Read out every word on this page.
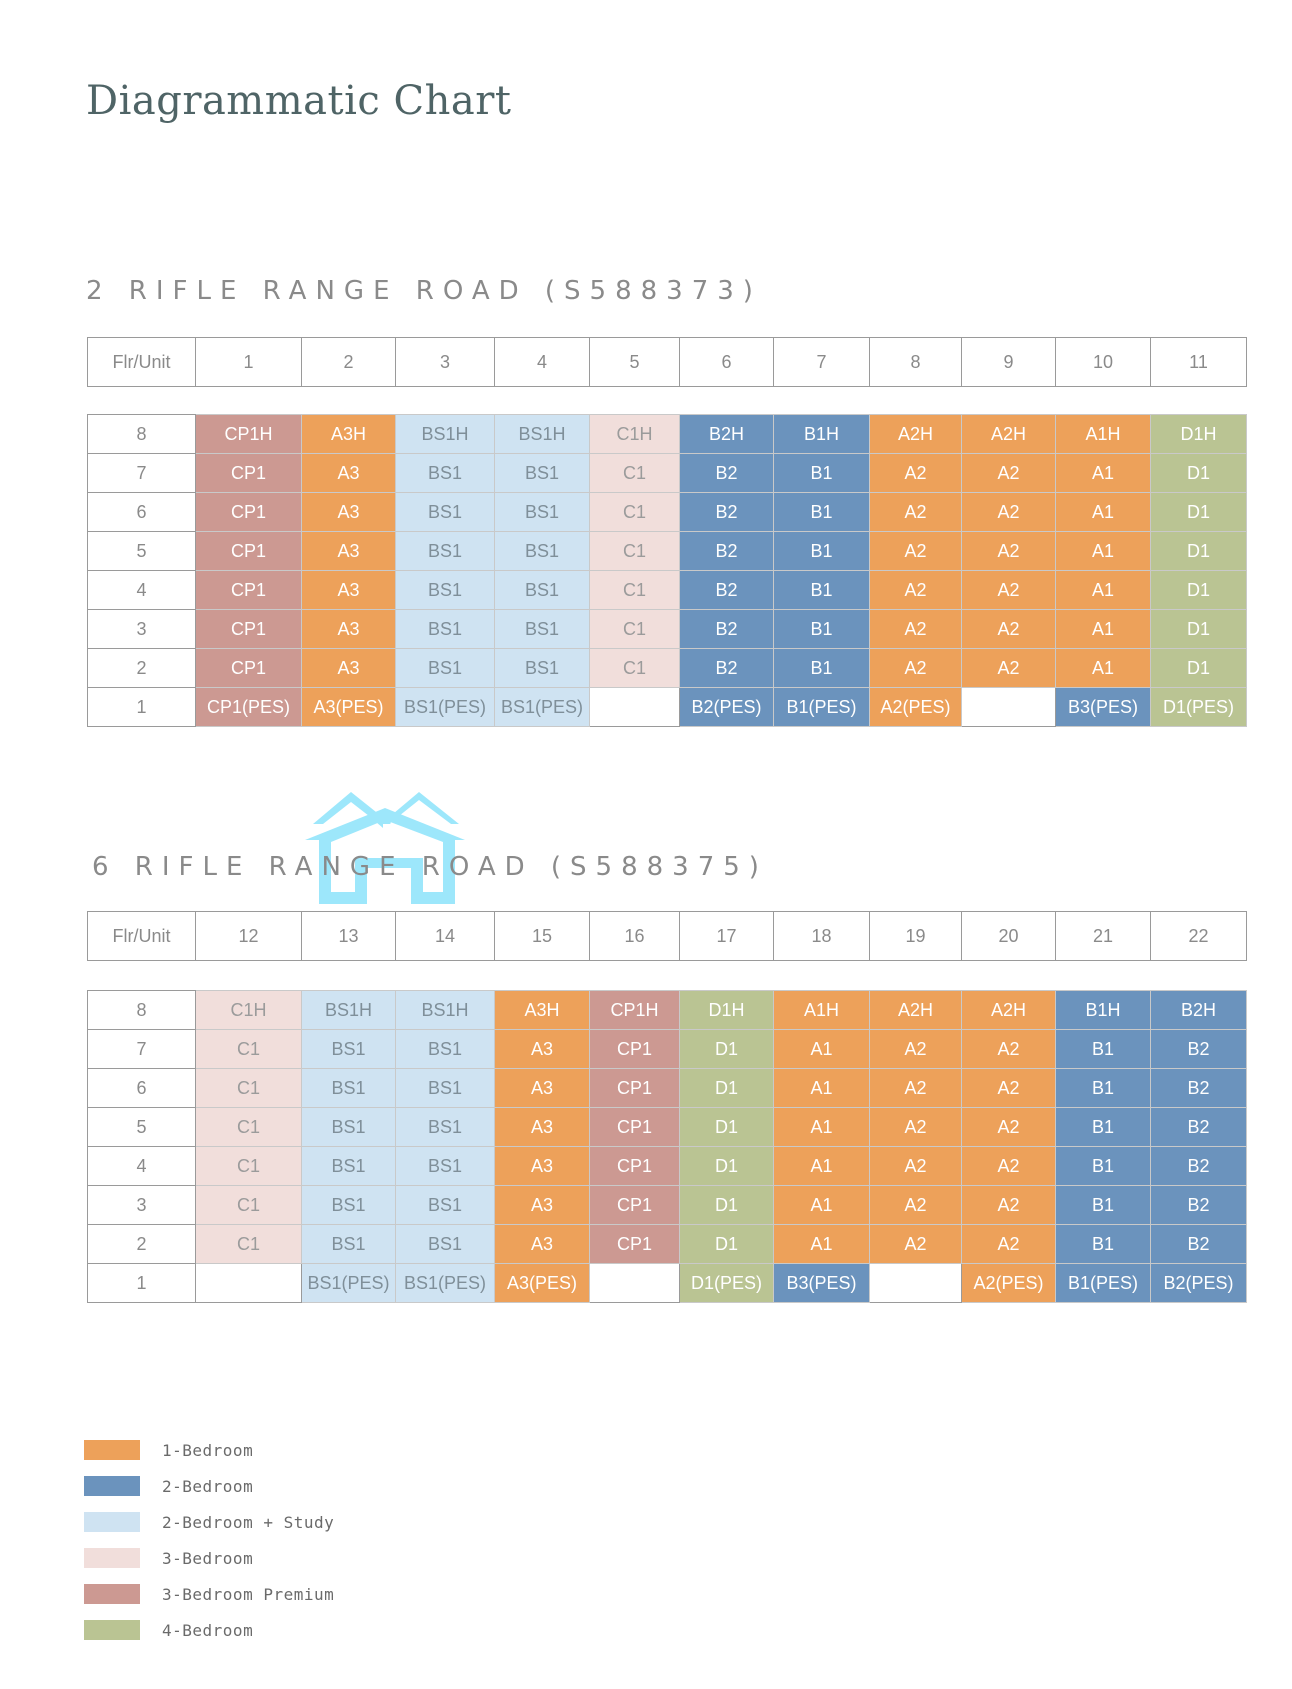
Diagrammatic Chart
2 RIFLE RANGE ROAD (S588373)
Flr/Unit	1	2	3	4	5	6	7	8	9	10	11
8	CP1H	A3H	BS1H	BS1H	C1H	B2H	B1H	A2H	A2H	A1H	D1H
7	CP1	A3	BS1	BS1	C1	B2	B1	A2	A2	A1	D1
6	CP1	A3	BS1	BS1	C1	B2	B1	A2	A2	A1	D1
5	CP1	A3	BS1	BS1	C1	B2	B1	A2	A2	A1	D1
4	CP1	A3	BS1	BS1	C1	B2	B1	A2	A2	A1	D1
3	CP1	A3	BS1	BS1	C1	B2	B1	A2	A2	A1	D1
2	CP1	A3	BS1	BS1	C1	B2	B1	A2	A2	A1	D1
1	CP1(PES)	A3(PES)	BS1(PES)	BS1(PES)		B2(PES)	B1(PES)	A2(PES)		B3(PES)	D1(PES)
6 RIFLE RANGE ROAD (S588375)
Flr/Unit	12	13	14	15	16	17	18	19	20	21	22
8	C1H	BS1H	BS1H	A3H	CP1H	D1H	A1H	A2H	A2H	B1H	B2H
7	C1	BS1	BS1	A3	CP1	D1	A1	A2	A2	B1	B2
6	C1	BS1	BS1	A3	CP1	D1	A1	A2	A2	B1	B2
5	C1	BS1	BS1	A3	CP1	D1	A1	A2	A2	B1	B2
4	C1	BS1	BS1	A3	CP1	D1	A1	A2	A2	B1	B2
3	C1	BS1	BS1	A3	CP1	D1	A1	A2	A2	B1	B2
2	C1	BS1	BS1	A3	CP1	D1	A1	A2	A2	B1	B2
1		BS1(PES)	BS1(PES)	A3(PES)		D1(PES)	B3(PES)		A2(PES)	B1(PES)	B2(PES)
1-Bedroom
2-Bedroom
2-Bedroom + Study
3-Bedroom
3-Bedroom Premium
4-Bedroom
